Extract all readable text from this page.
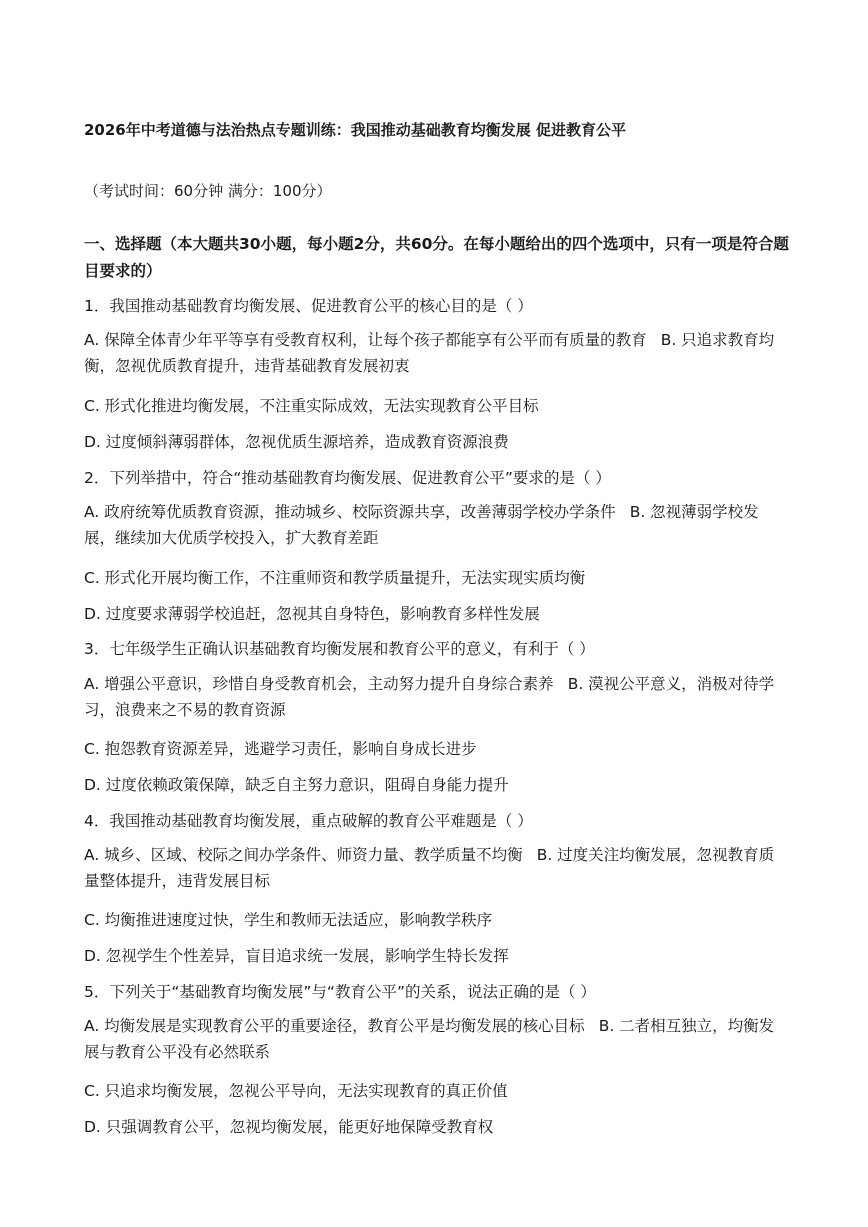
2026年中考道德与法治热点专题训练：我国推动基础教育均衡发展 促进教育公平
（考试时间：60分钟 满分：100分）
一、选择题（本大题共30小题，每小题2分，共60分。在每小题给出的四个选项中，只有一项是符合题目要求的）
1．我国推动基础教育均衡发展、促进教育公平的核心目的是（ ）
A. 保障全体青少年平等享有受教育权利，让每个孩子都能享有公平而有质量的教育 B. 只追求教育均衡，忽视优质教育提升，违背基础教育发展初衷
C. 形式化推进均衡发展，不注重实际成效，无法实现教育公平目标
D. 过度倾斜薄弱群体，忽视优质生源培养，造成教育资源浪费
2．下列举措中，符合“推动基础教育均衡发展、促进教育公平”要求的是（ ）
A. 政府统筹优质教育资源，推动城乡、校际资源共享，改善薄弱学校办学条件 B. 忽视薄弱学校发展，继续加大优质学校投入，扩大教育差距
C. 形式化开展均衡工作，不注重师资和教学质量提升，无法实现实质均衡
D. 过度要求薄弱学校追赶，忽视其自身特色，影响教育多样性发展
3．七年级学生正确认识基础教育均衡发展和教育公平的意义，有利于（ ）
A. 增强公平意识，珍惜自身受教育机会，主动努力提升自身综合素养 B. 漠视公平意义，消极对待学习，浪费来之不易的教育资源
C. 抱怨教育资源差异，逃避学习责任，影响自身成长进步
D. 过度依赖政策保障，缺乏自主努力意识，阻碍自身能力提升
4．我国推动基础教育均衡发展，重点破解的教育公平难题是（ ）
A. 城乡、区域、校际之间办学条件、师资力量、教学质量不均衡 B. 过度关注均衡发展，忽视教育质量整体提升，违背发展目标
C. 均衡推进速度过快，学生和教师无法适应，影响教学秩序
D. 忽视学生个性差异，盲目追求统一发展，影响学生特长发挥
5．下列关于“基础教育均衡发展”与“教育公平”的关系，说法正确的是（ ）
A. 均衡发展是实现教育公平的重要途径，教育公平是均衡发展的核心目标 B. 二者相互独立，均衡发展与教育公平没有必然联系
C. 只追求均衡发展，忽视公平导向，无法实现教育的真正价值
D. 只强调教育公平，忽视均衡发展，能更好地保障受教育权
